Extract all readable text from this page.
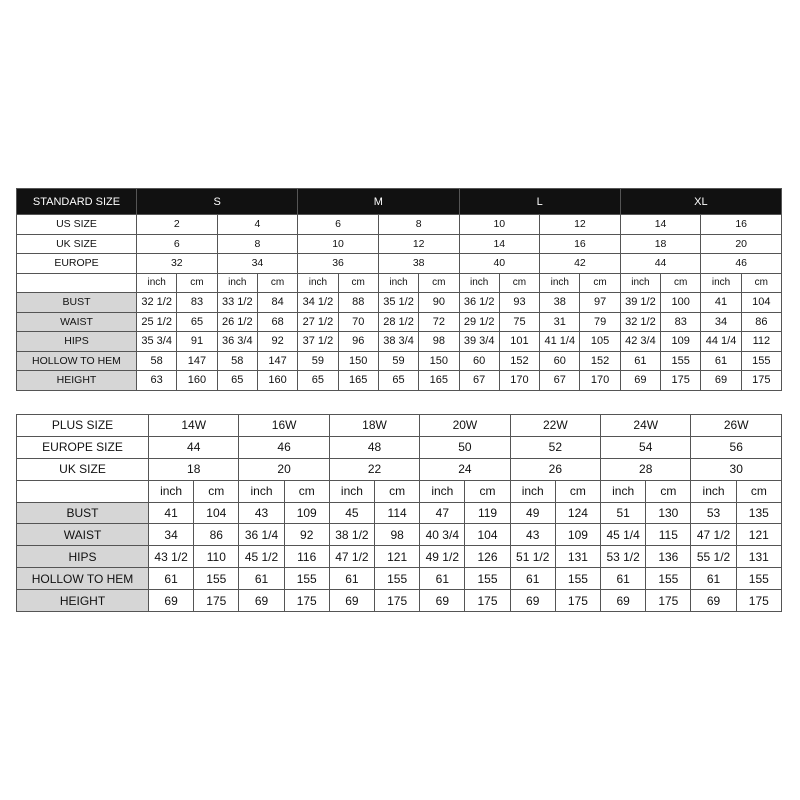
STANDARD SIZE	S				M				L				XL			
US SIZE	2		4		6		8		10		12		14		16	
UK SIZE	6		8		10		12		14		16		18		20	
EUROPE	32		34		36		38		40		42		44		46	
	inch	cm	inch	cm	inch	cm	inch	cm	inch	cm	inch	cm	inch	cm	inch	cm
BUST	32 1/2	83	33 1/2	84	34 1/2	88	35 1/2	90	36 1/2	93	38	97	39 1/2	100	41	104
WAIST	25 1/2	65	26 1/2	68	27 1/2	70	28 1/2	72	29 1/2	75	31	79	32 1/2	83	34	86
HIPS	35 3/4	91	36 3/4	92	37 1/2	96	38 3/4	98	39 3/4	101	41 1/4	105	42 3/4	109	44 1/4	112
HOLLOW TO HEM	58	147	58	147	59	150	59	150	60	152	60	152	61	155	61	155
HEIGHT	63	160	65	160	65	165	65	165	67	170	67	170	69	175	69	175
PLUS SIZE	14W		16W		18W		20W		22W		24W		26W	
EUROPE SIZE	44		46		48		50		52		54		56	
UK SIZE	18		20		22		24		26		28		30	
	inch	cm	inch	cm	inch	cm	inch	cm	inch	cm	inch	cm	inch	cm
BUST	41	104	43	109	45	114	47	119	49	124	51	130	53	135
WAIST	34	86	36 1/4	92	38 1/2	98	40 3/4	104	43	109	45 1/4	115	47 1/2	121
HIPS	43 1/2	110	45 1/2	116	47 1/2	121	49 1/2	126	51 1/2	131	53 1/2	136	55 1/2	131
HOLLOW TO HEM	61	155	61	155	61	155	61	155	61	155	61	155	61	155
HEIGHT	69	175	69	175	69	175	69	175	69	175	69	175	69	175
